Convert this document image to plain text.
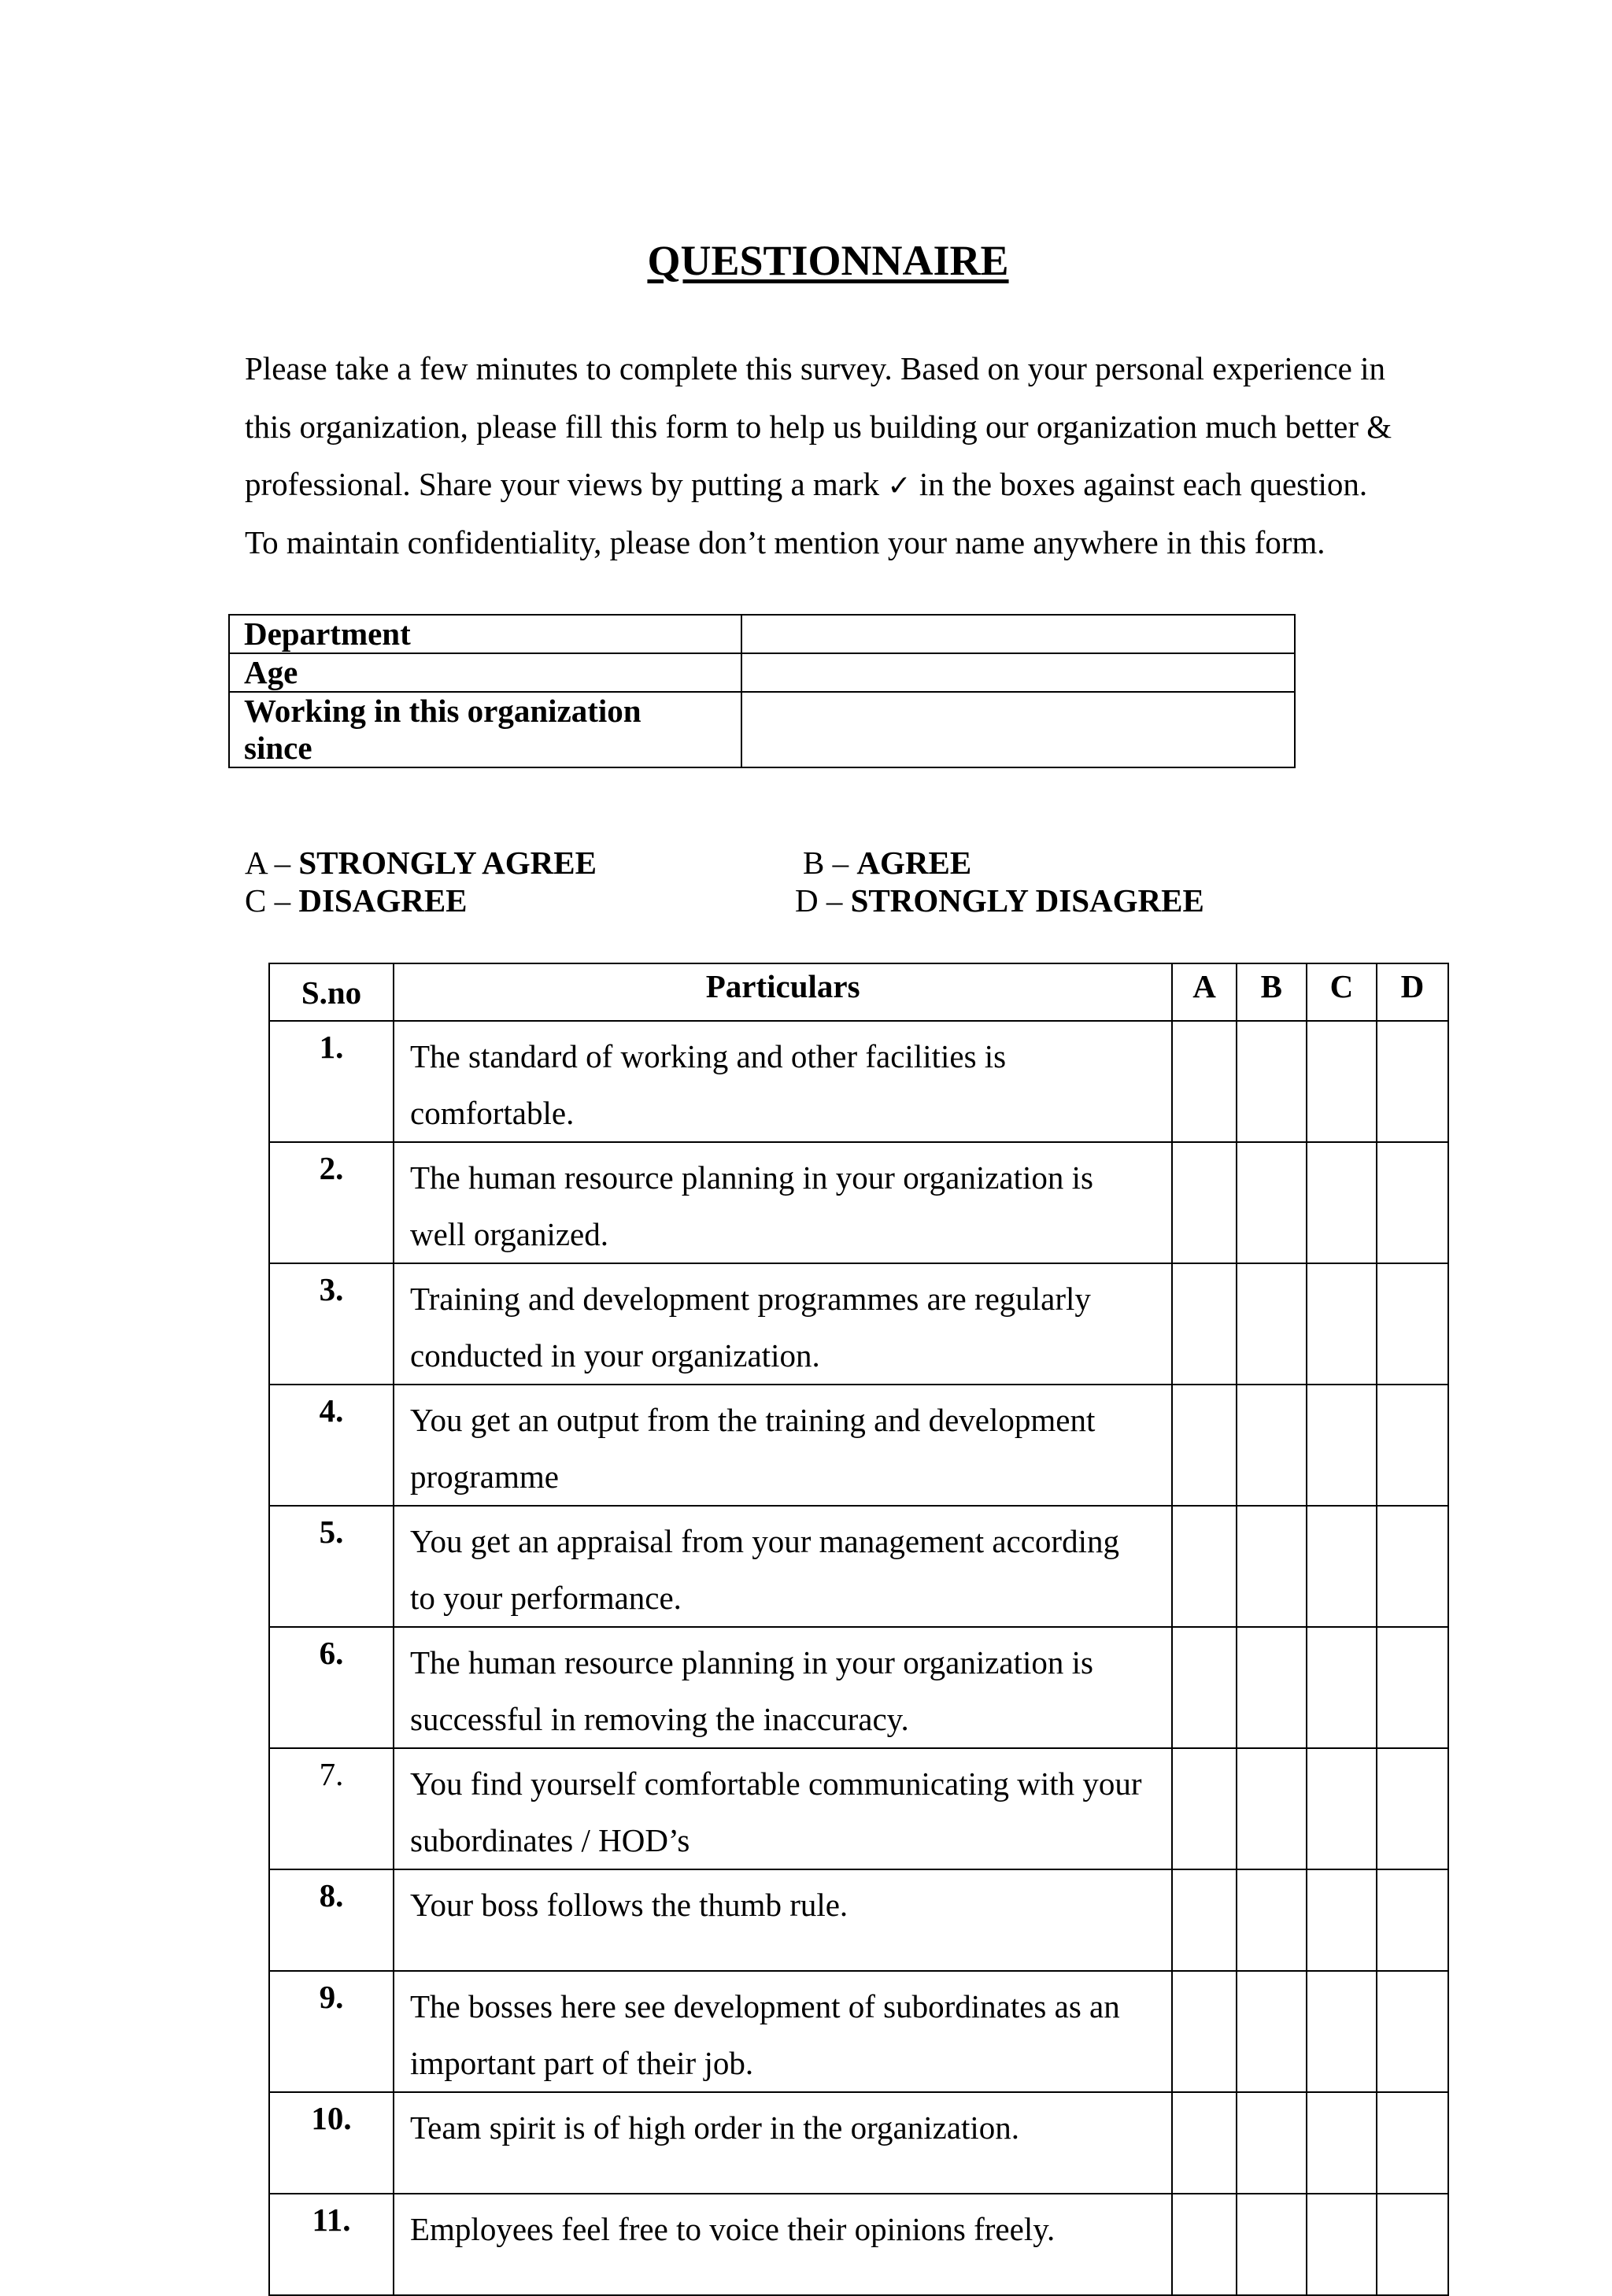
QUESTIONNAIRE

Please take a few minutes to complete this survey. Based on your personal experience in

this organization, please fill this form to help us building our organization much better &

professional. Share your views by putting a mark ✓ in the boxes against each question.

To maintain confidentiality, please don’t mention your name anywhere in this form.

Department	
Age	
Working in this organization
since	
A – STRONGLY AGREE	B – AGREE
C – DISAGREE	D – STRONGLY DISAGREE
S.no	Particulars	A	B	C	D
1.	The standard of working and other facilities is
comfortable.				

2.	The human resource planning in your organization is
well organized.				

3.	Training and development programmes are regularly
conducted in your organization.				

4.	You get an output from the training and development
programme				

5.	You get an appraisal from your management according
to your performance.				

6.	The human resource planning in your organization is
successful in removing the inaccuracy.				

7.	You find yourself comfortable communicating with your
subordinates / HOD’s				

8.	Your boss follows the thumb rule.				

9.	The bosses here see development of subordinates as an
important part of their job.				

10.	Team spirit is of high order in the organization.				

11.	Employees feel free to voice their opinions freely.				
